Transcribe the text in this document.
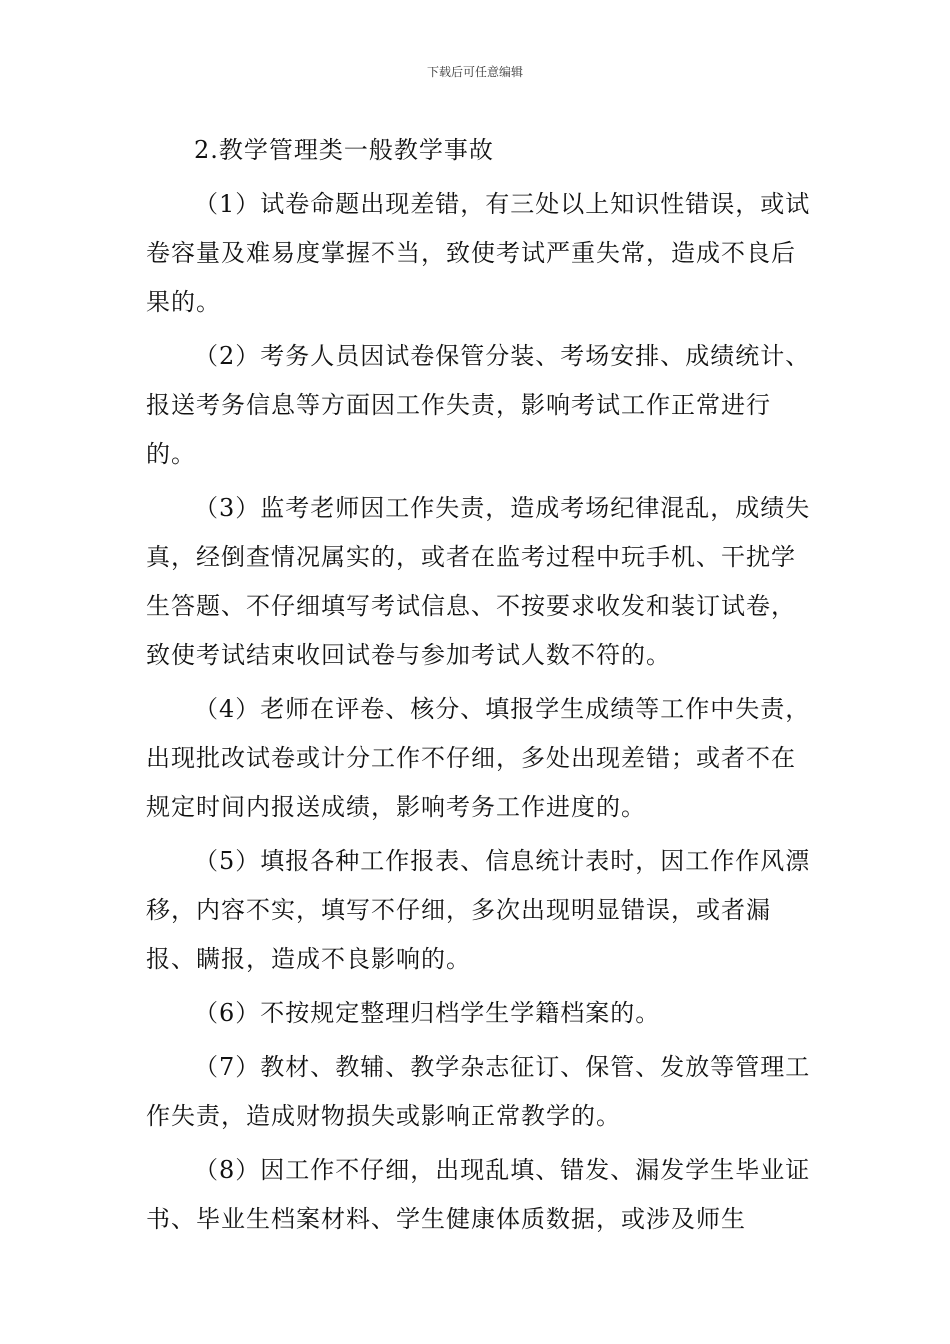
下载后可任意编辑

2.教学管理类一般教学事故

（1）试卷命题出现差错，有三处以上知识性错误，或试卷容量及难易度掌握不当，致使考试严重失常，造成不良后果的。

（2）考务人员因试卷保管分装、考场安排、成绩统计、报送考务信息等方面因工作失责，影响考试工作正常进行的。

（3）监考老师因工作失责，造成考场纪律混乱，成绩失真，经倒查情况属实的，或者在监考过程中玩手机、干扰学生答题、不仔细填写考试信息、不按要求收发和装订试卷，致使考试结束收回试卷与参加考试人数不符的。

（4）老师在评卷、核分、填报学生成绩等工作中失责，出现批改试卷或计分工作不仔细，多处出现差错；或者不在规定时间内报送成绩，影响考务工作进度的。

（5）填报各种工作报表、信息统计表时，因工作作风漂移，内容不实，填写不仔细，多次出现明显错误，或者漏报、瞒报，造成不良影响的。

（6）不按规定整理归档学生学籍档案的。

（7）教材、教辅、教学杂志征订、保管、发放等管理工作失责，造成财物损失或影响正常教学的。

（8）因工作不仔细，出现乱填、错发、漏发学生毕业证书、毕业生档案材料、学生健康体质数据，或涉及师生
